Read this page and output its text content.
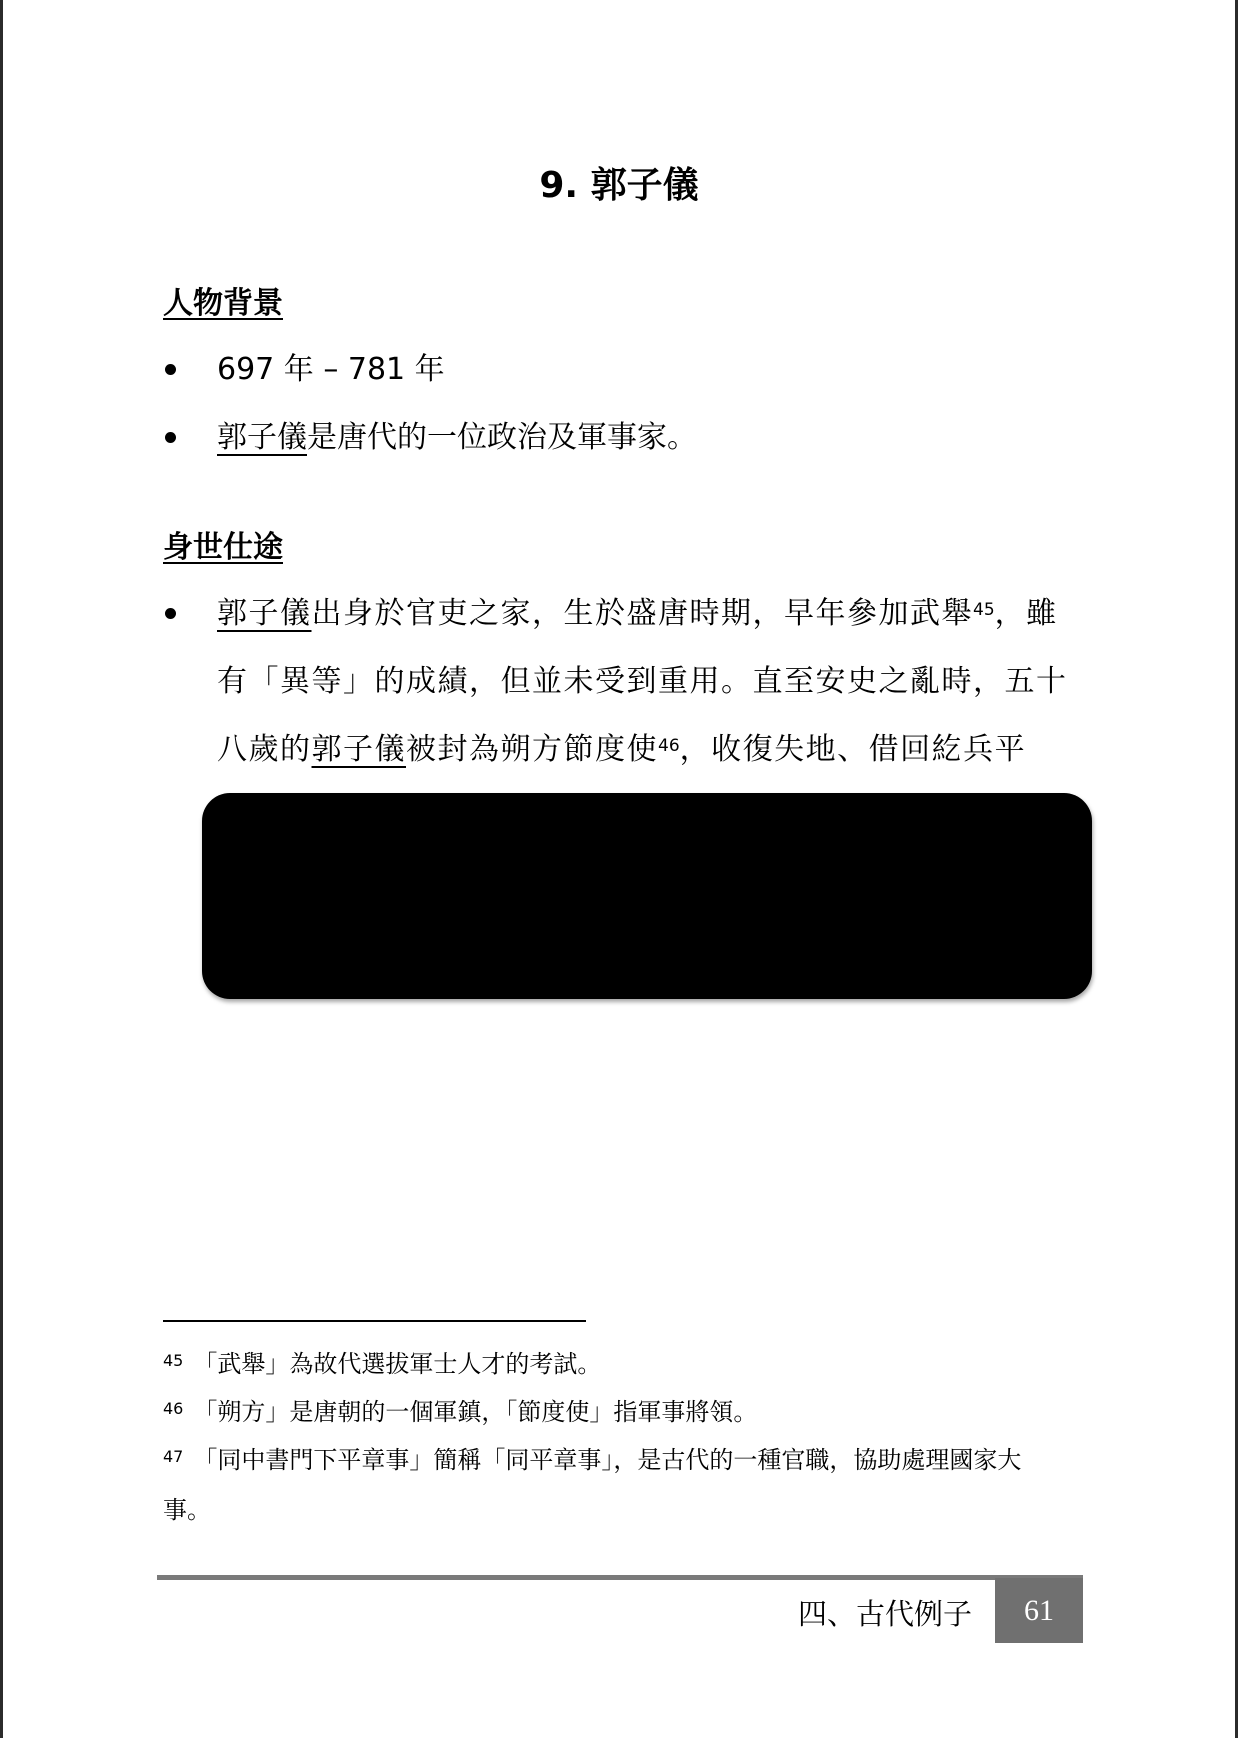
9. 郭子儀
人物背景
697 年 – 781 年
郭子儀是唐代的一位政治及軍事家。
身世仕途
郭子儀出身於官吏之家，生於盛唐時期，早年參加武舉$^{45}$，雖有「異等」的成績，但並未受到重用。直至安史之亂時，五十八歲的郭子儀被封為朔方節度使$^{46}$，收復失地、借回紇兵平

$^{45}$ 「武舉」為故代選拔軍士人才的考試。

$^{46}$ 「朔方」是唐朝的一個軍鎮，「節度使」指軍事將領。

$^{47}$ 「同中書門下平章事」簡稱「同平章事」，是古代的一種官職，協助處理國家大事。

四、古代例子	61
